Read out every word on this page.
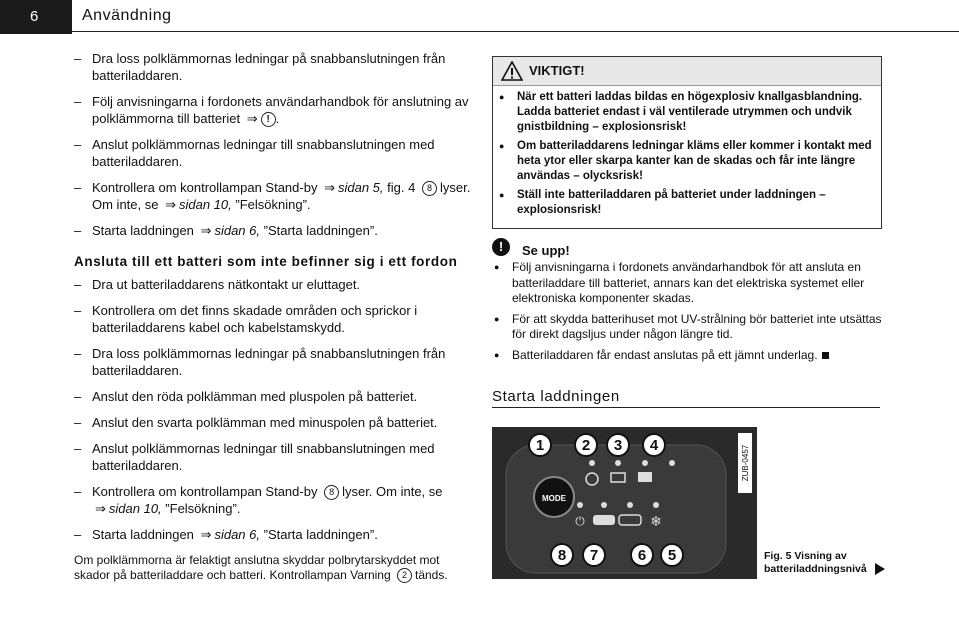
6	Användning
– Dra loss polklämmornas ledningar på snabbanslutningen från batteriladdaren.
– Följ anvisningarna i fordonets användarhandbok för anslutning av polklämmorna till batteriet ⇒ ! .
– Anslut polklämmornas ledningar till snabbanslutningen med batteriladdaren.
– Kontrollera om kontrollampan Stand-by ⇒ sidan 5, fig. 4 8 lyser. Om inte, se ⇒ sidan 10, ”Felsökning”.
– Starta laddningen ⇒ sidan 6, ”Starta laddningen”.
Ansluta till ett batteri som inte befinner sig i ett fordon
– Dra ut batteriladdarens nätkontakt ur eluttaget.
– Kontrollera om det finns skadade områden och sprickor i batteriladdarens kabel och kabelstamskydd.
– Dra loss polklämmornas ledningar på snabbanslutningen från batteriladdaren.
– Anslut den röda polklämman med pluspolen på batteriet.
– Anslut den svarta polklämman med minuspolen på batteriet.
– Anslut polklämmornas ledningar till snabbanslutningen med batteriladdaren.
– Kontrollera om kontrollampan Stand-by 8 lyser. Om inte, se ⇒ sidan 10, ”Felsökning”.
– Starta laddningen ⇒ sidan 6, ”Starta laddningen”.
Om polklämmorna är felaktigt anslutna skyddar polbrytarskyddet mot skador på batteriladdare och batteri. Kontrollampan Varning 2 tänds.
VIKTIGT!
● När ett batteri laddas bildas en högexplosiv knallgasblandning. Ladda batteriet endast i väl ventilerade utrymmen och undvik gnistbildning – explosionsrisk!
● Om batteriladdarens ledningar kläms eller kommer i kontakt med heta ytor eller skarpa kanter kan de skadas och får inte längre användas – olycksrisk!
● Ställ inte batteriladdaren på batteriet under laddningen – explosionsrisk!
!	Se upp!
● Följ anvisningarna i fordonets användarhandbok för att ansluta en batteriladdare till batteriet, annars kan det elektriska systemet eller elektroniska komponenter skadas.
● För att skydda batterihuset mot UV-strålning bör batteriet inte utsättas för direkt dagsljus under någon längre tid.
● Batteriladdaren får endast anslutas på ett jämnt underlag.
Starta laddningen
MODE
⏻	❄
1	2 3 4
8 7	6 5
ZUB-0457
Fig. 5 Visning av batteriladdningsnivå
